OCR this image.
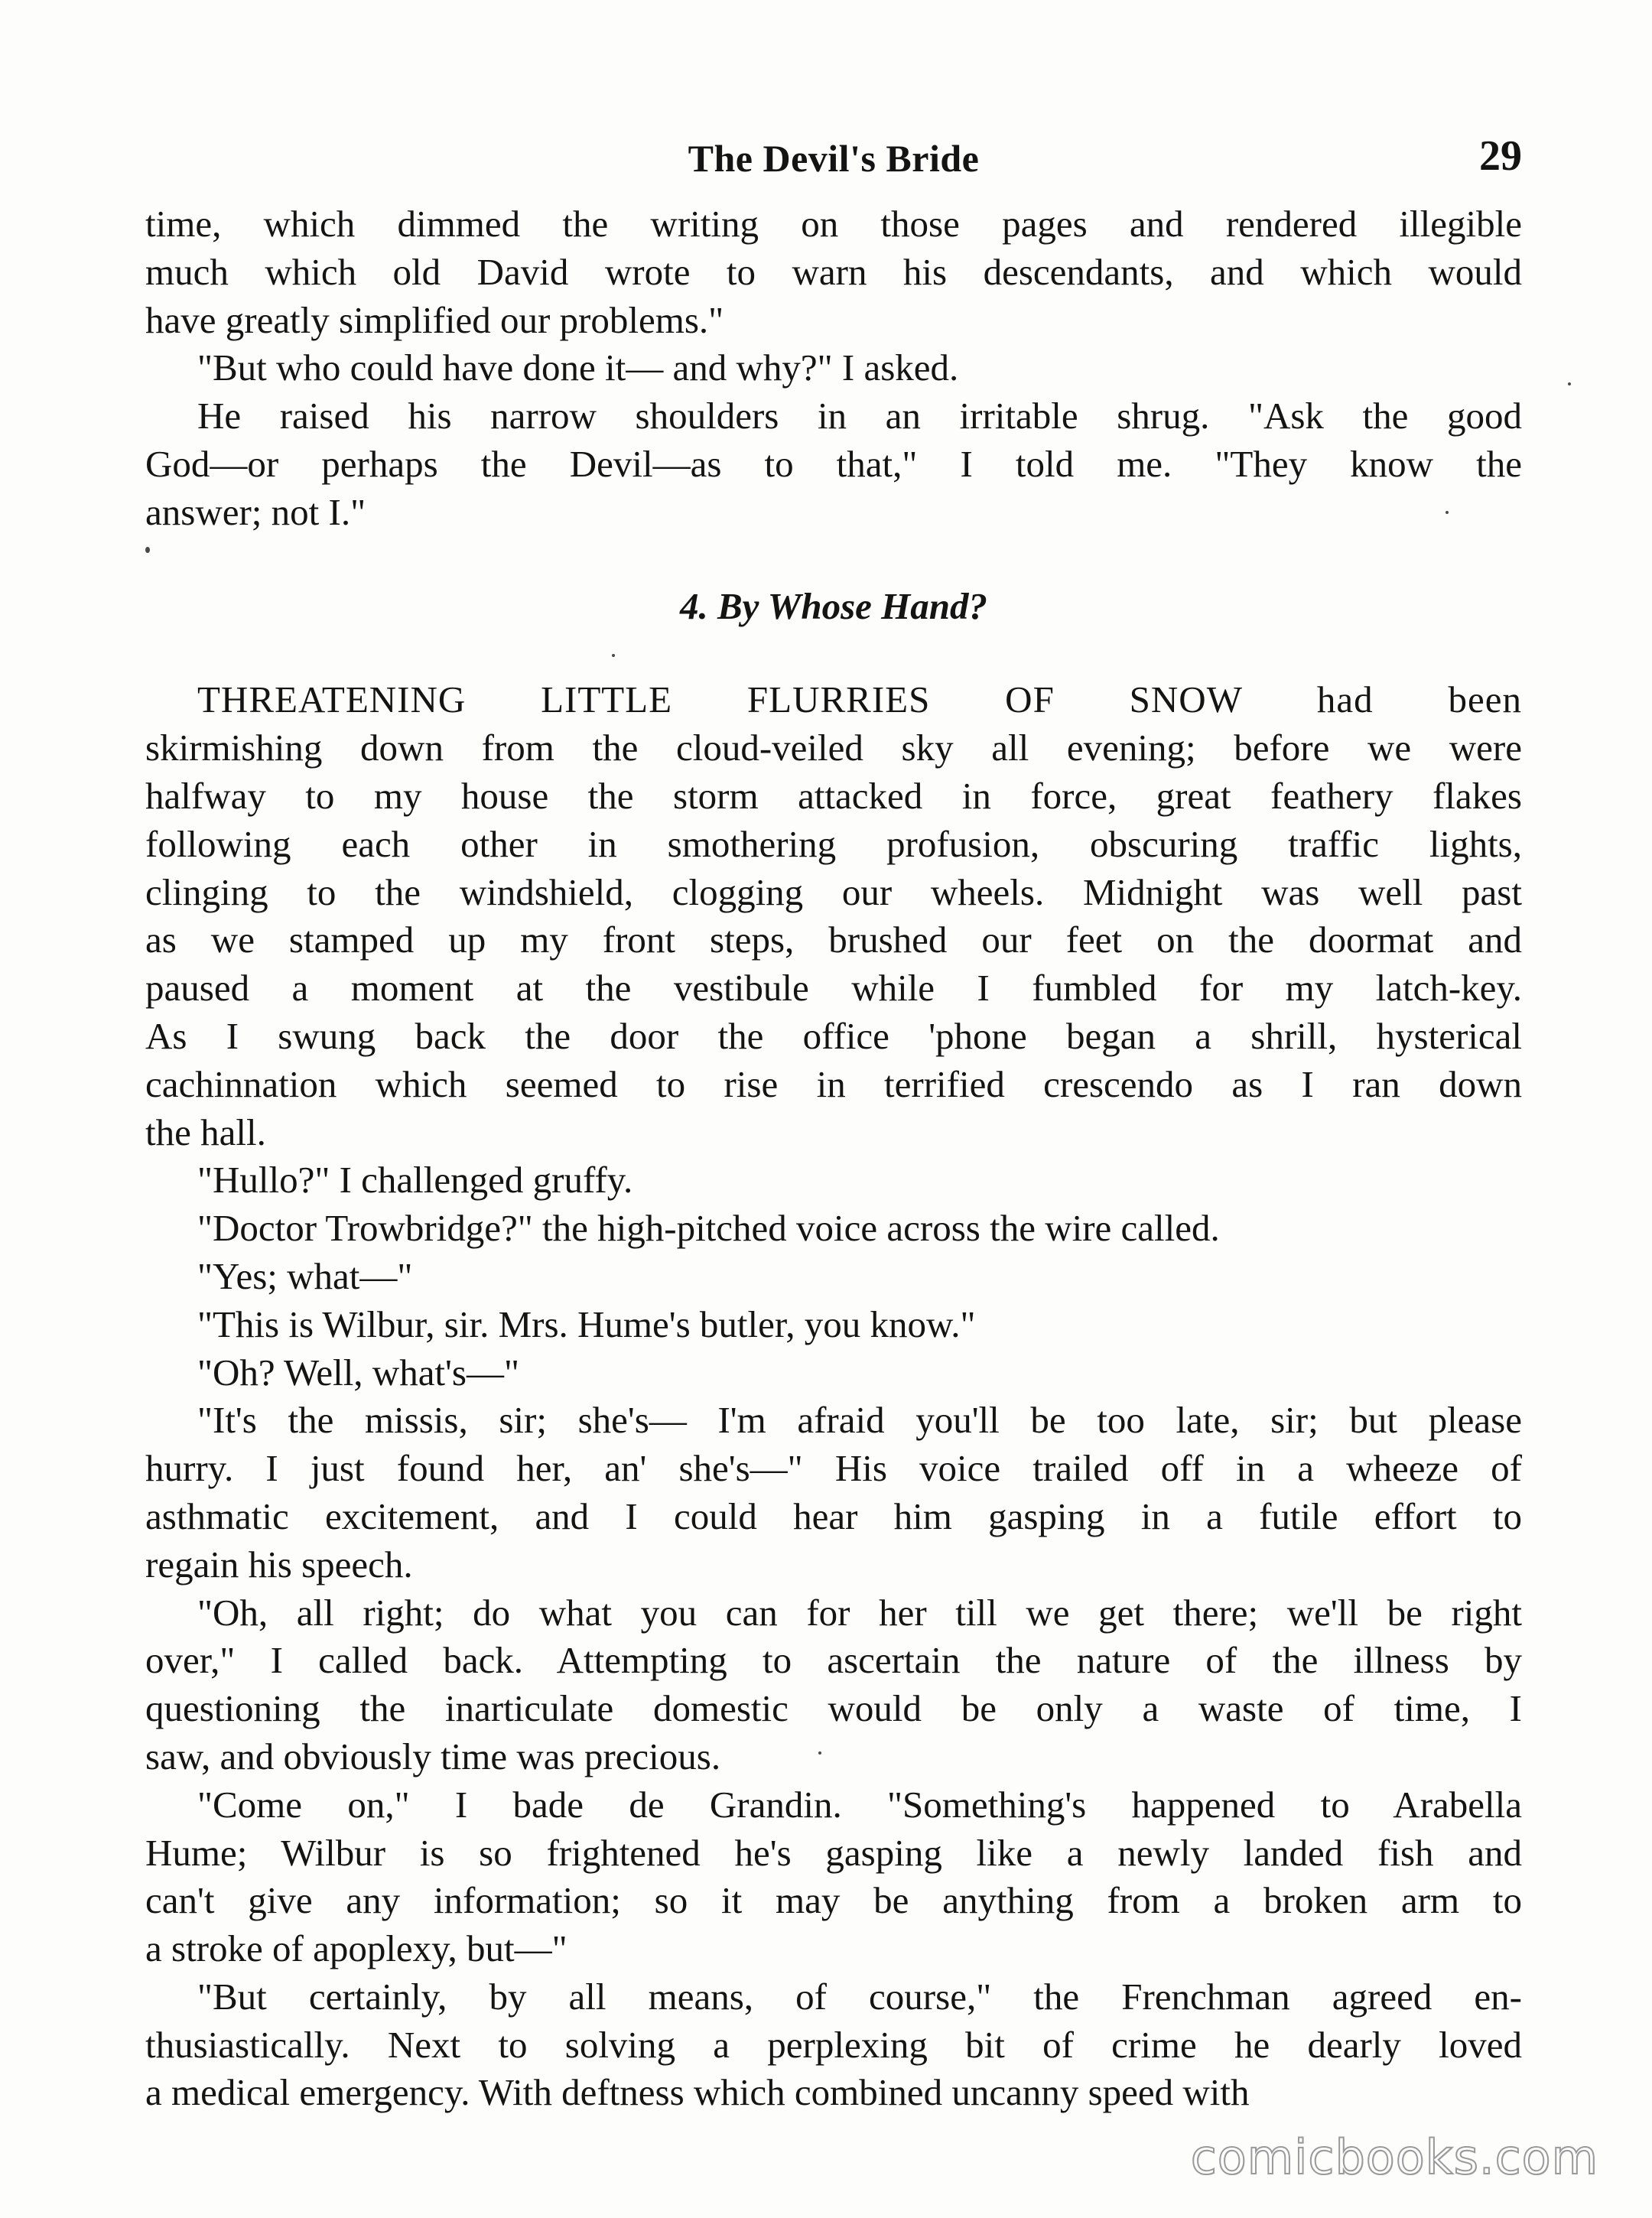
The Devil's Bride	29
time, which dimmed the writing on those pages and rendered illegible
much which old David wrote to warn his descendants, and which would
have greatly simplified our problems."
"But who could have done it— and why?" I asked.
He raised his narrow shoulders in an irritable shrug. "Ask the good
God—or perhaps the Devil—as to that," I told me. "They know the
answer; not I."
4. By Whose Hand?
THREATENING LITTLE FLURRIES OF SNOW had been
skirmishing down from the cloud-veiled sky all evening; before we were
halfway to my house the storm attacked in force, great feathery flakes
following each other in smothering profusion, obscuring traffic lights,
clinging to the windshield, clogging our wheels. Midnight was well past
as we stamped up my front steps, brushed our feet on the doormat and
paused a moment at the vestibule while I fumbled for my latch-key.
As I swung back the door the office 'phone began a shrill, hysterical
cachinnation which seemed to rise in terrified crescendo as I ran down
the hall.
"Hullo?" I challenged gruffy.
"Doctor Trowbridge?" the high-pitched voice across the wire called.
"Yes; what—"
"This is Wilbur, sir. Mrs. Hume's butler, you know."
"Oh? Well, what's—"
"It's the missis, sir; she's— I'm afraid you'll be too late, sir; but please
hurry. I just found her, an' she's—" His voice trailed off in a wheeze of
asthmatic excitement, and I could hear him gasping in a futile effort to
regain his speech.
"Oh, all right; do what you can for her till we get there; we'll be right
over," I called back. Attempting to ascertain the nature of the illness by
questioning the inarticulate domestic would be only a waste of time, I
saw, and obviously time was precious.
"Come on," I bade de Grandin. "Something's happened to Arabella
Hume; Wilbur is so frightened he's gasping like a newly landed fish and
can't give any information; so it may be anything from a broken arm to
a stroke of apoplexy, but—"
"But certainly, by all means, of course," the Frenchman agreed en-
thusiastically. Next to solving a perplexing bit of crime he dearly loved
a medical emergency. With deftness which combined uncanny speed with
comicbooks.com
